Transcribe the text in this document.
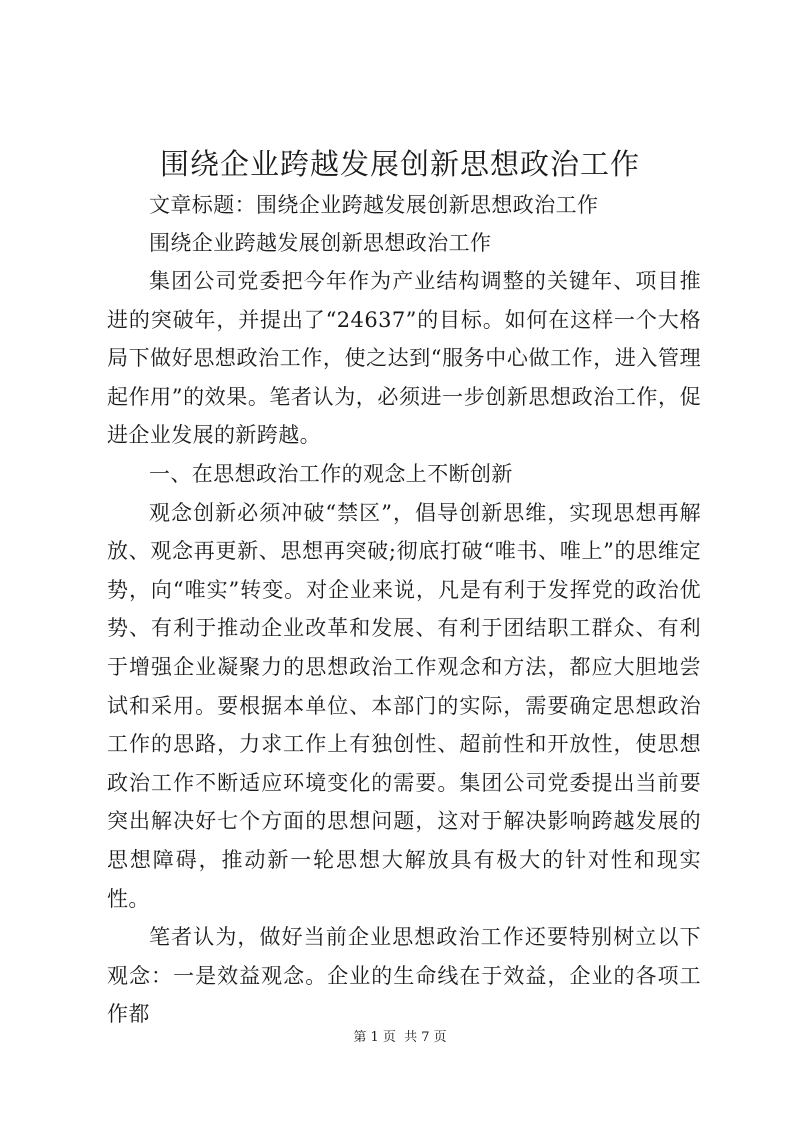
围绕企业跨越发展创新思想政治工作

文章标题：围绕企业跨越发展创新思想政治工作

围绕企业跨越发展创新思想政治工作

集团公司党委把今年作为产业结构调整的关键年、项目推进的突破年，并提出了“24637”的目标。如何在这样一个大格局下做好思想政治工作，使之达到“服务中心做工作，进入管理起作用”的效果。笔者认为，必须进一步创新思想政治工作，促进企业发展的新跨越。

一、在思想政治工作的观念上不断创新

观念创新必须冲破“禁区”，倡导创新思维，实现思想再解放、观念再更新、思想再突破;彻底打破“唯书、唯上”的思维定势，向“唯实”转变。对企业来说，凡是有利于发挥党的政治优势、有利于推动企业改革和发展、有利于团结职工群众、有利于增强企业凝聚力的思想政治工作观念和方法，都应大胆地尝试和采用。要根据本单位、本部门的实际，需要确定思想政治工作的思路，力求工作上有独创性、超前性和开放性，使思想政治工作不断适应环境变化的需要。集团公司党委提出当前要突出解决好七个方面的思想问题，这对于解决影响跨越发展的思想障碍，推动新一轮思想大解放具有极大的针对性和现实性。

笔者认为，做好当前企业思想政治工作还要特别树立以下观念：一是效益观念。企业的生命线在于效益，企业的各项工作都

第 1 页 共 7 页
